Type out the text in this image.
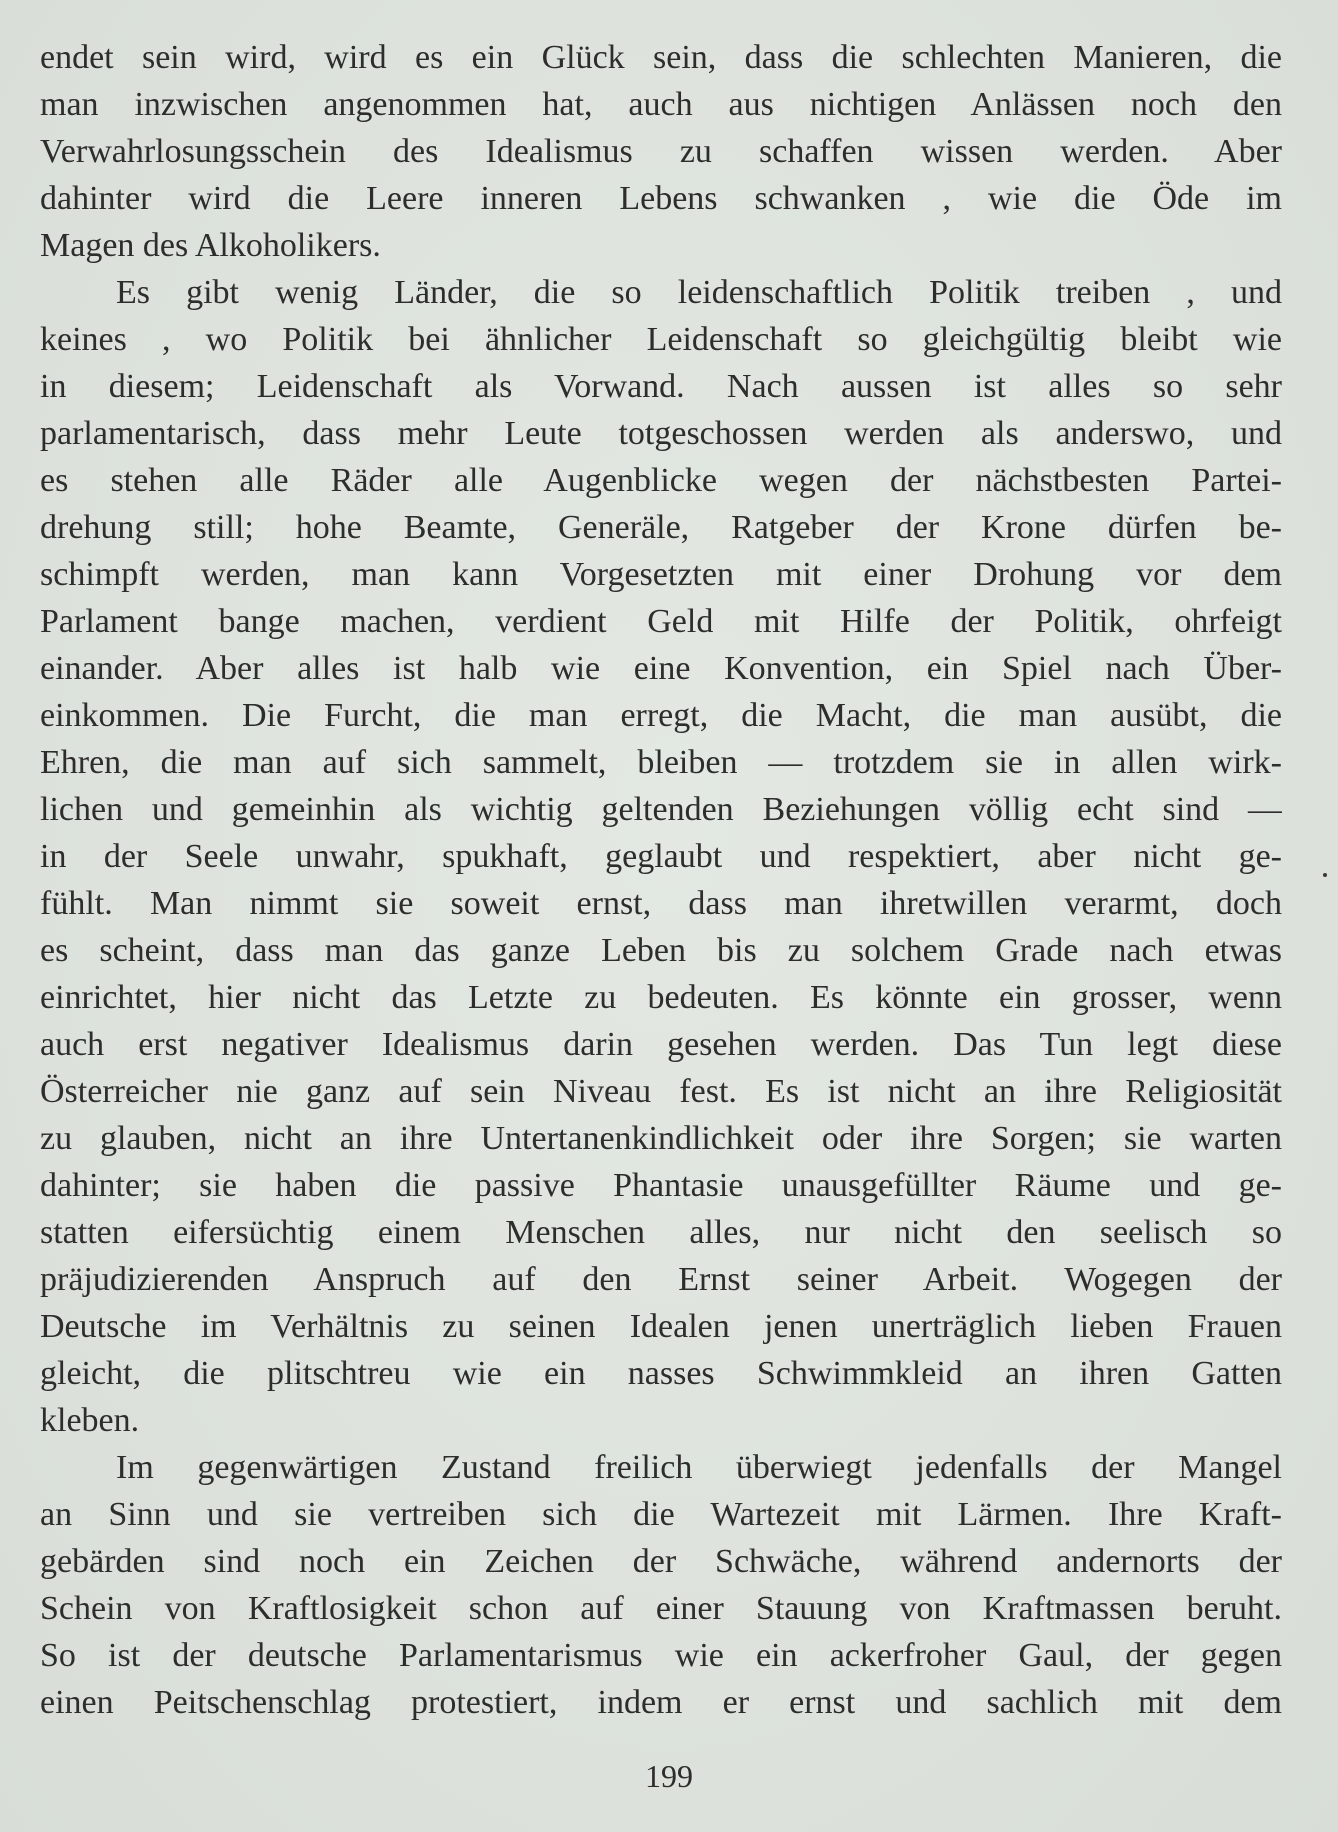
endet sein wird, wird es ein Glück sein, dass die schlechten Manieren, die
man inzwischen angenommen hat, auch aus nichtigen Anlässen noch den
Verwahrlosungsschein des Idealismus zu schaffen wissen werden. Aber
dahinter wird die Leere inneren Lebens schwanken , wie die Öde im
Magen des Alkoholikers.
Es gibt wenig Länder, die so leidenschaftlich Politik treiben , und
keines , wo Politik bei ähnlicher Leidenschaft so gleichgültig bleibt wie
in diesem; Leidenschaft als Vorwand. Nach aussen ist alles so sehr
parlamentarisch, dass mehr Leute totgeschossen werden als anderswo, und
es stehen alle Räder alle Augenblicke wegen der nächstbesten Partei-
drehung still; hohe Beamte, Generäle, Ratgeber der Krone dürfen be-
schimpft werden, man kann Vorgesetzten mit einer Drohung vor dem
Parlament bange machen, verdient Geld mit Hilfe der Politik, ohrfeigt
einander. Aber alles ist halb wie eine Konvention, ein Spiel nach Über-
einkommen. Die Furcht, die man erregt, die Macht, die man ausübt, die
Ehren, die man auf sich sammelt, bleiben — trotzdem sie in allen wirk-
lichen und gemeinhin als wichtig geltenden Beziehungen völlig echt sind —
in der Seele unwahr, spukhaft, geglaubt und respektiert, aber nicht ge-
fühlt. Man nimmt sie soweit ernst, dass man ihretwillen verarmt, doch
es scheint, dass man das ganze Leben bis zu solchem Grade nach etwas
einrichtet, hier nicht das Letzte zu bedeuten. Es könnte ein grosser, wenn
auch erst negativer Idealismus darin gesehen werden. Das Tun legt diese
Österreicher nie ganz auf sein Niveau fest. Es ist nicht an ihre Religiosität
zu glauben, nicht an ihre Untertanenkindlichkeit oder ihre Sorgen; sie warten
dahinter; sie haben die passive Phantasie unausgefüllter Räume und ge-
statten eifersüchtig einem Menschen alles, nur nicht den seelisch so
präjudizierenden Anspruch auf den Ernst seiner Arbeit. Wogegen der
Deutsche im Verhältnis zu seinen Idealen jenen unerträglich lieben Frauen
gleicht, die plitschtreu wie ein nasses Schwimmkleid an ihren Gatten
kleben.
Im gegenwärtigen Zustand freilich überwiegt jedenfalls der Mangel
an Sinn und sie vertreiben sich die Wartezeit mit Lärmen. Ihre Kraft-
gebärden sind noch ein Zeichen der Schwäche, während andernorts der
Schein von Kraftlosigkeit schon auf einer Stauung von Kraftmassen beruht.
So ist der deutsche Parlamentarismus wie ein ackerfroher Gaul, der gegen
einen Peitschenschlag protestiert, indem er ernst und sachlich mit dem
199
